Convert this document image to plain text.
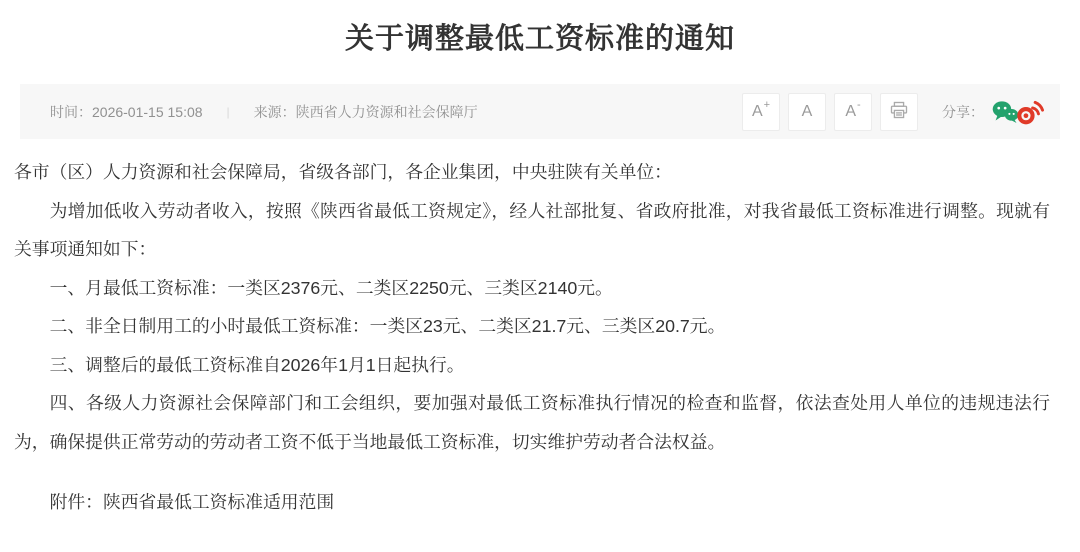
关于调整最低工资标准的通知
时间： 2026-01-15 15:08 | 来源： 陕西省人力资源和社会保障厅	A + A A -	分享：

各市（区）人力资源和社会保障局，省级各部门，各企业集团，中央驻陕有关单位：

为增加低收入劳动者收入，按照《陕西省最低工资规定》，经人社部批复、省政府批准，对我省最低工资标准进行调整。现就有关事项通知如下：

一、月最低工资标准：一类区2376元、二类区2250元、三类区2140元。

二、非全日制用工的小时最低工资标准：一类区23元、二类区21.7元、三类区20.7元。

三、调整后的最低工资标准自2026年1月1日起执行。

四、各级人力资源社会保障部门和工会组织，要加强对最低工资标准执行情况的检查和监督，依法查处用人单位的违规违法行为，确保提供正常劳动的劳动者工资不低于当地最低工资标准，切实维护劳动者合法权益。

附件：陕西省最低工资标准适用范围
